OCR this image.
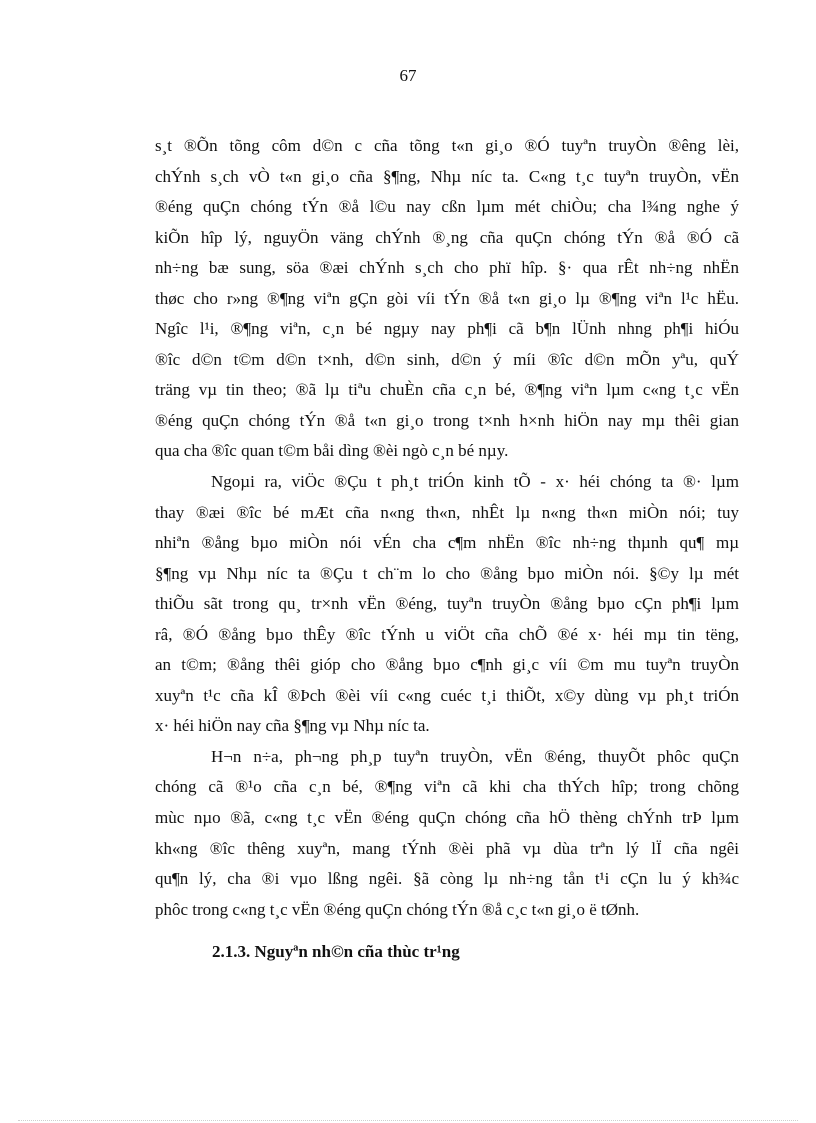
67
s¸t ®Õn tõng côm d©n c cña tõng t«n gi¸o ®Ó tuyªn truyÒn ®êng lèi,
chÝnh s¸ch vÒ t«n gi¸o cña §¶ng, Nhµ níc ta. C«ng t¸c tuyªn truyÒn, vËn
®éng quÇn chóng tÝn ®å l©u nay cßn lµm mét chiÒu; cha l¾ng nghe ý
kiÕn hîp lý, nguyÖn väng chÝnh ®¸ng cña quÇn chóng tÝn ®å ®Ó cã
nh÷ng bæ sung, söa ®æi chÝnh s¸ch cho phï hîp. §· qua rÊt nh÷ng nhËn
thøc cho r»ng ®¶ng viªn gÇn gòi víi tÝn ®å t«n gi¸o lµ ®¶ng viªn l¹c hËu.
Ngîc l¹i, ®¶ng viªn, c¸n bé ngµy nay ph¶i cã b¶n lÜnh nhng ph¶i hiÓu
®îc d©n t©m d©n t×nh, d©n sinh, d©n ý míi ®îc d©n mÕn yªu, quÝ
träng vµ tin theo; ®ã lµ tiªu chuÈn cña c¸n bé, ®¶ng viªn lµm c«ng t¸c vËn
®éng quÇn chóng tÝn ®å t«n gi¸o trong t×nh h×nh hiÖn nay mµ thêi gian
qua cha ®îc quan t©m båi dìng ®èi ngò c¸n bé nµy.
Ngoµi ra, viÖc ®Çu t ph¸t triÓn kinh tÕ - x· héi chóng ta ®· lµm
thay ®æi ®îc bé mÆt cña n«ng th«n, nhÊt lµ n«ng th«n miÒn nói; tuy
nhiªn ®ång bµo miÒn nói vÉn cha c¶m nhËn ®îc nh÷ng thµnh qu¶ mµ
§¶ng vµ Nhµ níc ta ®Çu t ch¨m lo cho ®ång bµo miÒn nói. §©y lµ mét
thiÕu sãt trong qu¸ tr×nh vËn ®éng, tuyªn truyÒn ®ång bµo cÇn ph¶i lµm
râ, ®Ó ®ång bµo thÊy ®îc tÝnh u viÖt cña chÕ ®é x· héi mµ tin tëng,
an t©m; ®ång thêi gióp cho ®ång bµo c¶nh gi¸c víi ©m mu tuyªn truyÒn
xuyªn t¹c cña kÎ ®Þch ®èi víi c«ng cuéc t¸i thiÕt, x©y dùng vµ ph¸t triÓn
x· héi hiÖn nay cña §¶ng vµ Nhµ níc ta.
H¬n n÷a, ph¬ng ph¸p tuyªn truyÒn, vËn ®éng, thuyÕt phôc quÇn
chóng cã ®¹o cña c¸n bé, ®¶ng viªn cã khi cha thÝch hîp; trong chõng
mùc nµo ®ã, c«ng t¸c vËn ®éng quÇn chóng cña hÖ thèng chÝnh trÞ lµm
kh«ng ®îc thêng xuyªn, mang tÝnh ®èi phã vµ dùa trªn lý lÏ cña ngêi
qu¶n lý, cha ®i vµo lßng ngêi. §ã còng lµ nh÷ng tån t¹i cÇn lu ý kh¾c
phôc trong c«ng t¸c vËn ®éng quÇn chóng tÝn ®å c¸c t«n gi¸o ë tØnh.
2.1.3. Nguyªn nh©n cña thùc tr¹ng
